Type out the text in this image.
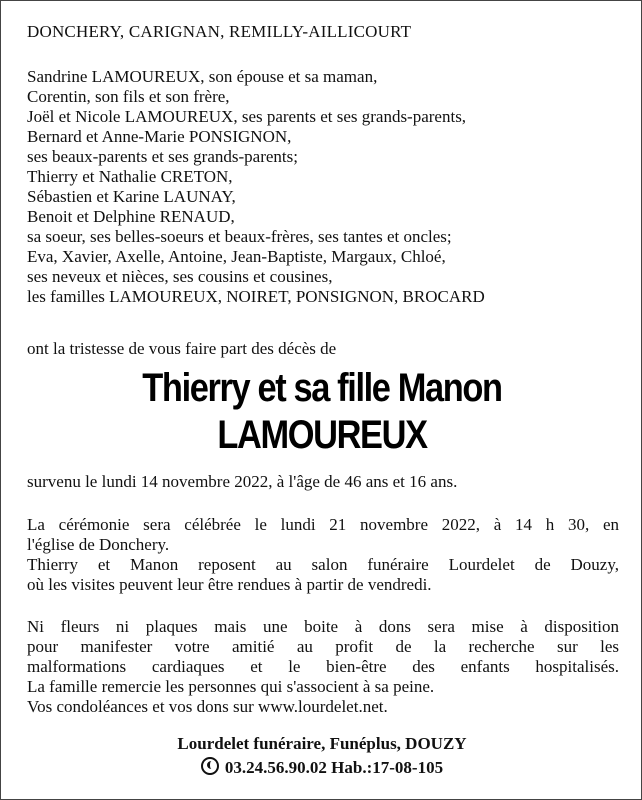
DONCHERY, CARIGNAN, REMILLY-AILLICOURT
Sandrine LAMOUREUX, son épouse et sa maman,
Corentin, son fils et son frère,
Joël et Nicole LAMOUREUX, ses parents et ses grands-parents,
Bernard et Anne-Marie PONSIGNON,
ses beaux-parents et ses grands-parents;
Thierry et Nathalie CRETON,
Sébastien et Karine LAUNAY,
Benoit et Delphine RENAUD,
sa soeur, ses belles-soeurs et beaux-frères, ses tantes et oncles;
Eva, Xavier, Axelle, Antoine, Jean-Baptiste, Margaux, Chloé,
ses neveux et nièces, ses cousins et cousines,
les familles LAMOUREUX, NOIRET, PONSIGNON, BROCARD
ont la tristesse de vous faire part des décès de
Thierry et sa fille Manon
LAMOUREUX
survenu le lundi 14 novembre 2022, à l'âge de 46 ans et 16 ans.
La cérémonie sera célébrée le lundi 21 novembre 2022, à 14 h 30, en
l'église de Donchery.
Thierry et Manon reposent au salon funéraire Lourdelet de Douzy,
où les visites peuvent leur être rendues à partir de vendredi.
Ni fleurs ni plaques mais une boite à dons sera mise à disposition
pour manifester votre amitié au profit de la recherche sur les
malformations cardiaques et le bien-être des enfants hospitalisés.
La famille remercie les personnes qui s'associent à sa peine.
Vos condoléances et vos dons sur www.lourdelet.net.
Lourdelet funéraire, Funéplus, DOUZY
03.24.56.90.02 Hab.:17-08-105
